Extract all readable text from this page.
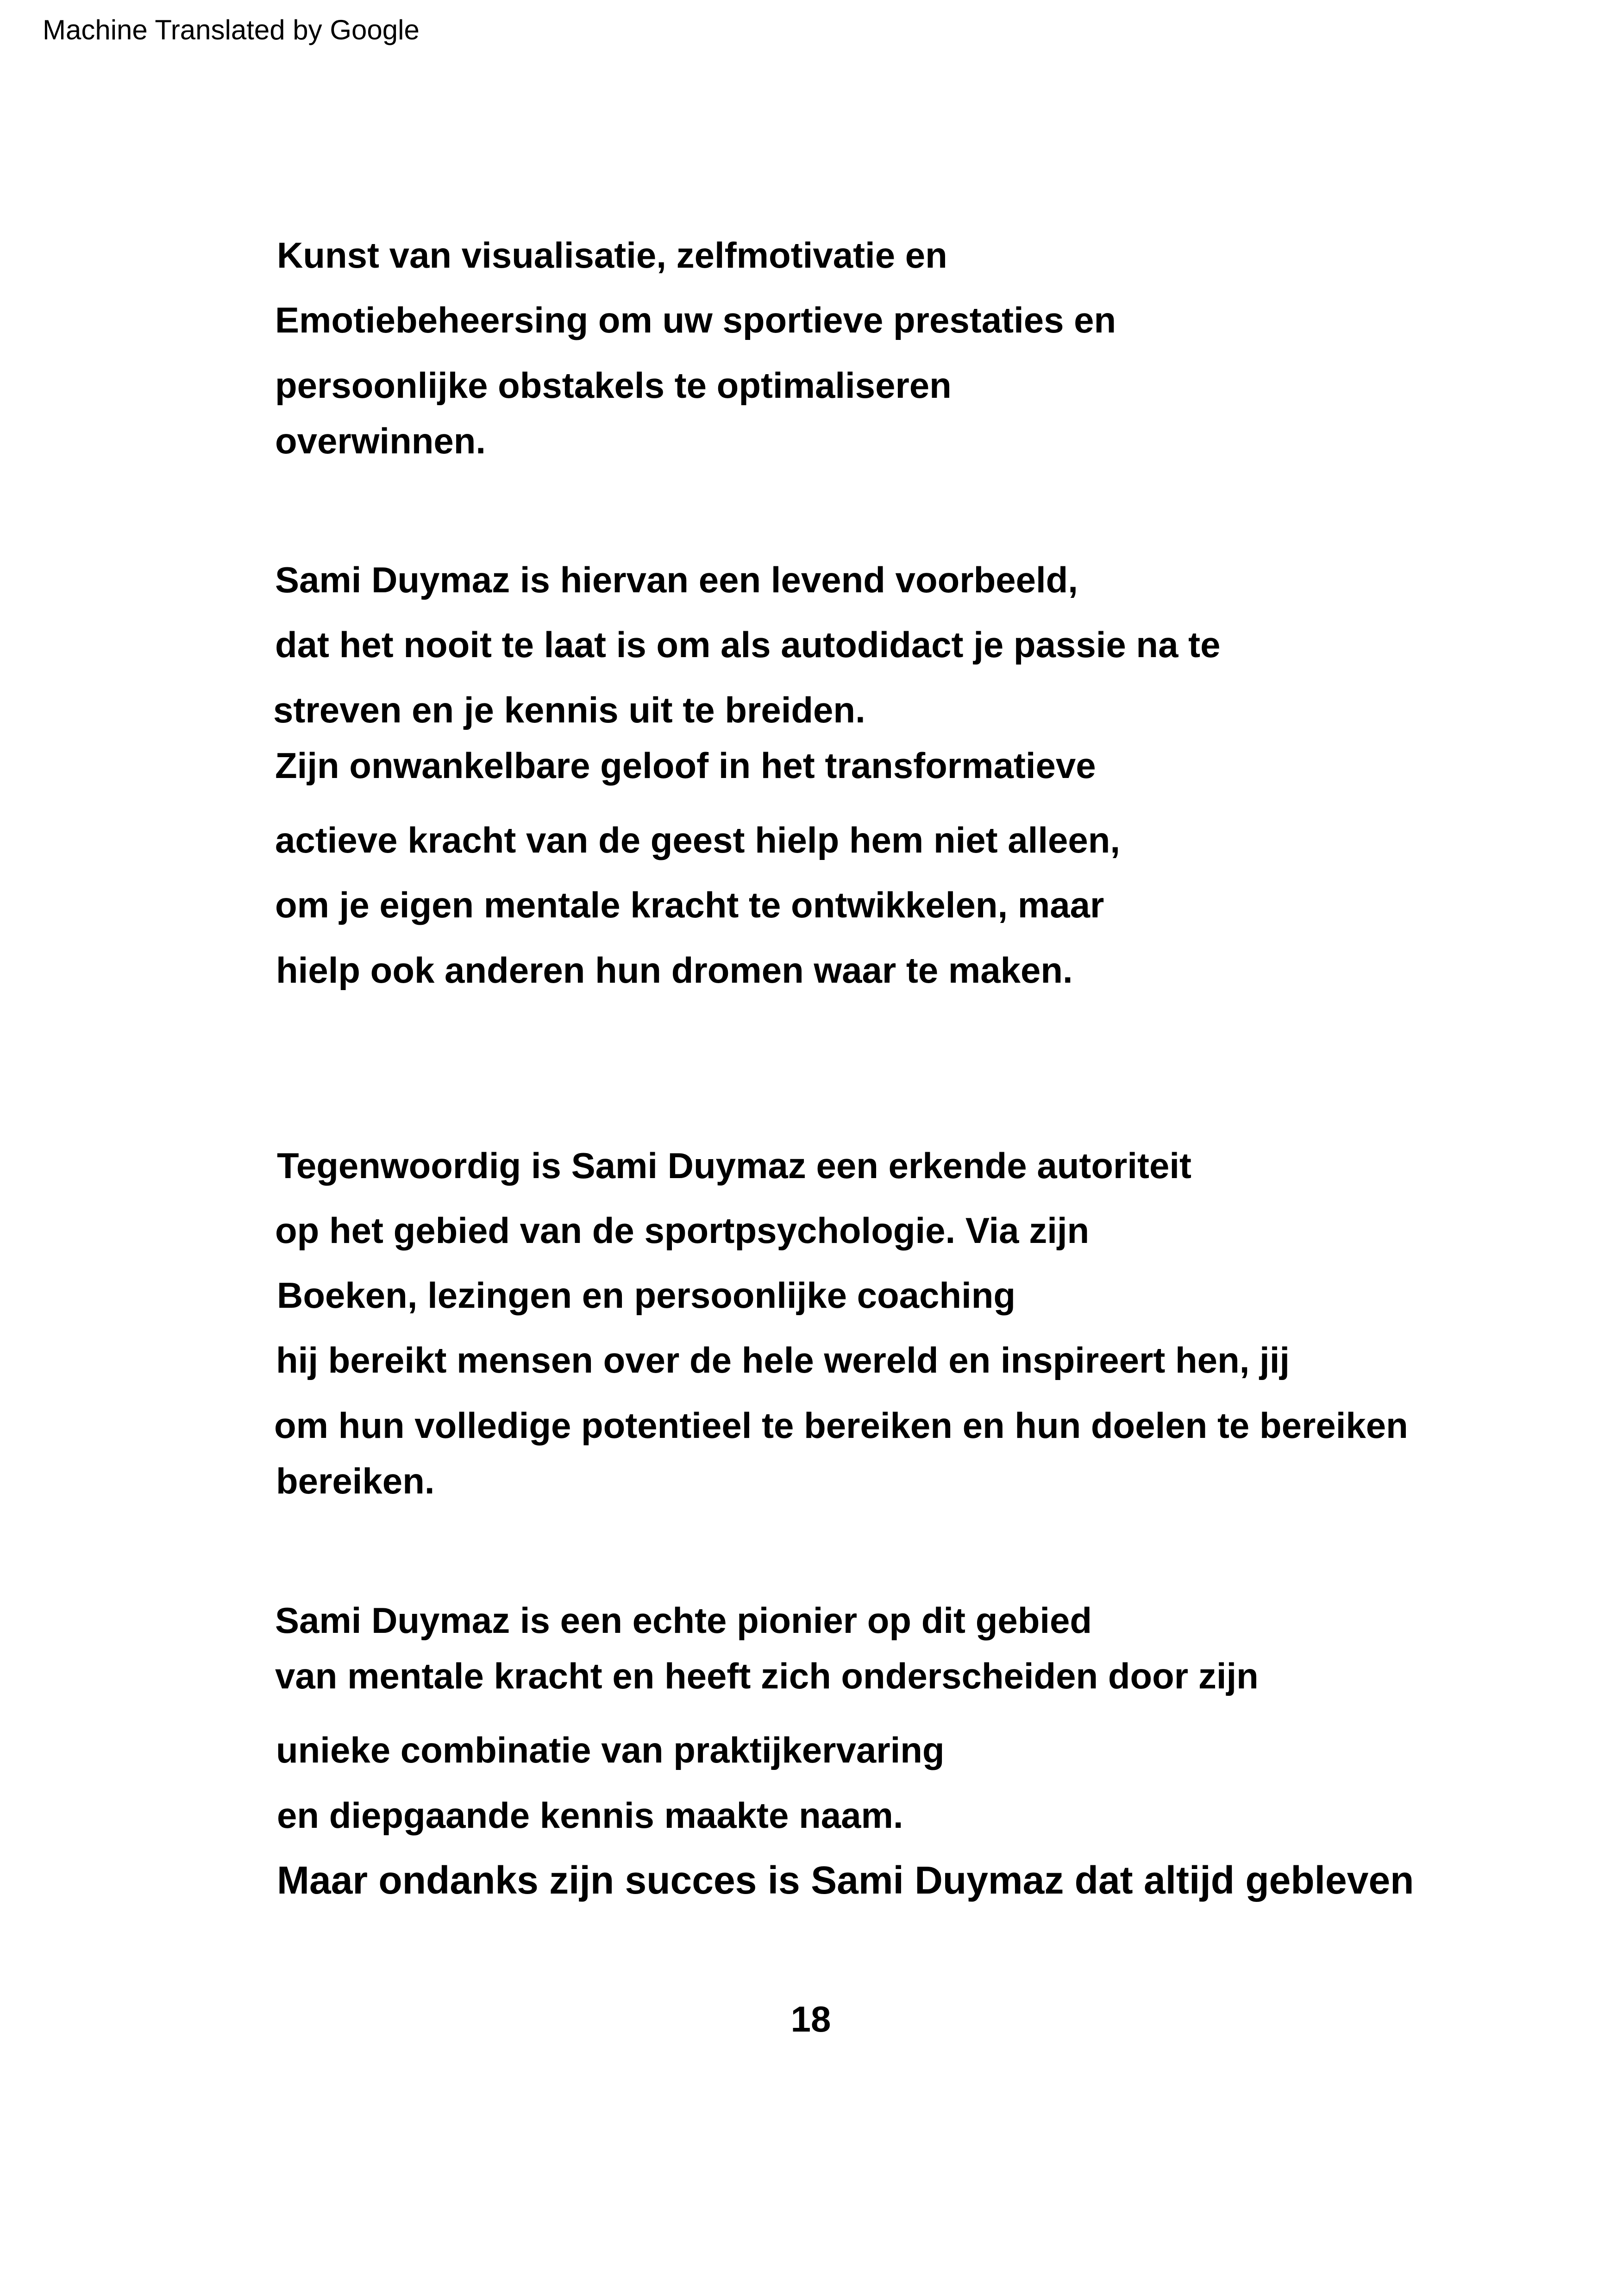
Machine Translated by Google
Kunst van visualisatie, zelfmotivatie en
Emotiebeheersing om uw sportieve prestaties en
persoonlijke obstakels te optimaliseren
overwinnen.
Sami Duymaz is hiervan een levend voorbeeld,
dat het nooit te laat is om als autodidact je passie na te
streven en je kennis uit te breiden.
Zijn onwankelbare geloof in het transformatieve
actieve kracht van de geest hielp hem niet alleen,
om je eigen mentale kracht te ontwikkelen, maar
hielp ook anderen hun dromen waar te maken.
Tegenwoordig is Sami Duymaz een erkende autoriteit
op het gebied van de sportpsychologie. Via zijn
Boeken, lezingen en persoonlijke coaching
hij bereikt mensen over de hele wereld en inspireert hen, jij
om hun volledige potentieel te bereiken en hun doelen te bereiken
bereiken.
Sami Duymaz is een echte pionier op dit gebied
van mentale kracht en heeft zich onderscheiden door zijn
unieke combinatie van praktijkervaring
en diepgaande kennis maakte naam.
Maar ondanks zijn succes is Sami Duymaz dat altijd gebleven
18
